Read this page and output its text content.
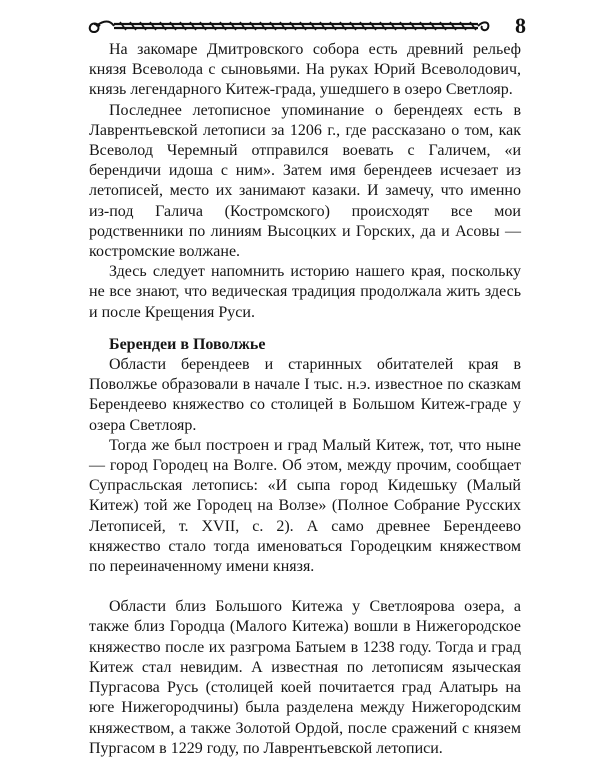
8

На закомаре Дмитровского собора есть древний рельеф князя Всеволода с сыновьями. На руках Юрий Всеволодович, князь легендарного Китеж-града, ушедшего в озеро Светлояр.

Последнее летописное упоминание о берендеях есть в Лаврентьевской летописи за 1206 г., где рассказано о том, как Всеволод Черемный отправился воевать с Галичем, «и берендичи идоша с ним». Затем имя берендеев исчезает из летописей, место их занимают казаки. И замечу, что именно из-под Галича (Костромского) происходят все мои родственники по линиям Высоцких и Горских, да и Асовы — костромские волжане.

Здесь следует напомнить историю нашего края, поскольку не все знают, что ведическая традиция продолжала жить здесь и после Крещения Руси.

Берендеи в Поволжье

Области берендеев и старинных обитателей края в Поволжье образовали в начале I тыс. н.э. известное по сказкам Берендеево княжество со столицей в Большом Китеж-граде у озера Светлояр.

Тогда же был построен и град Малый Китеж, тот, что ныне — город Городец на Волге. Об этом, между прочим, сообщает Супрасльская летопись: «И сыпа город Кидешьку (Малый Китеж) той же Городец на Волзе» (Полное Собрание Русских Летописей, т. XVII, с. 2). А само древнее Берендеево княжество стало тогда именоваться Городецким княжеством по переиначенному имени князя.

Области близ Большого Китежа у Светлоярова озера, а также близ Городца (Малого Китежа) вошли в Нижегородское княжество после их разгрома Батыем в 1238 году. Тогда и град Китеж стал невидим. А известная по летописям языческая Пургасова Русь (столицей коей почитается град Алатырь на юге Нижегородчины) была разделена между Нижегородским княжеством, а также Золотой Ордой, после сражений с князем Пургасом в 1229 году, по Лаврентьевской летописи.
